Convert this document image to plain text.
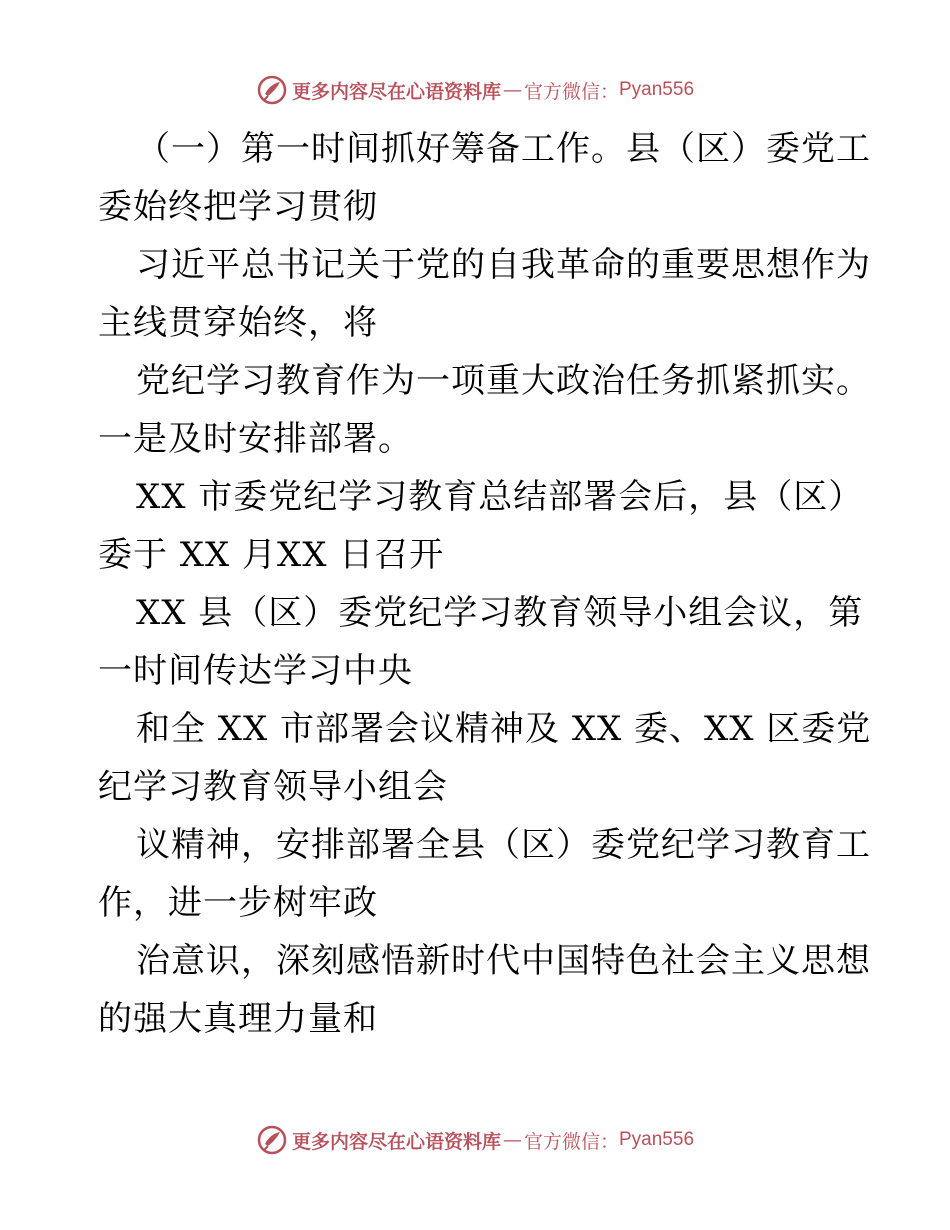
更多内容尽在心语资料库 — 官方微信： Pyan556

（一）第一时间抓好筹备工作。县（区）委党工
委始终把学习贯彻

习近平总书记关于党的自我革命的重要思想作为
主线贯穿始终，将

党纪学习教育作为一项重大政治任务抓紧抓实。
一是及时安排部署。

XX 市委党纪学习教育总结部署会后，县（区）
委于 XX 月XX 日召开

XX 县（区）委党纪学习教育领导小组会议，第
一时间传达学习中央

和全 XX 市部署会议精神及 XX 委、XX 区委党
纪学习教育领导小组会

议精神，安排部署全县（区）委党纪学习教育工
作，进一步树牢政

治意识，深刻感悟新时代中国特色社会主义思想
的强大真理力量和

更多内容尽在心语资料库 — 官方微信： Pyan556
